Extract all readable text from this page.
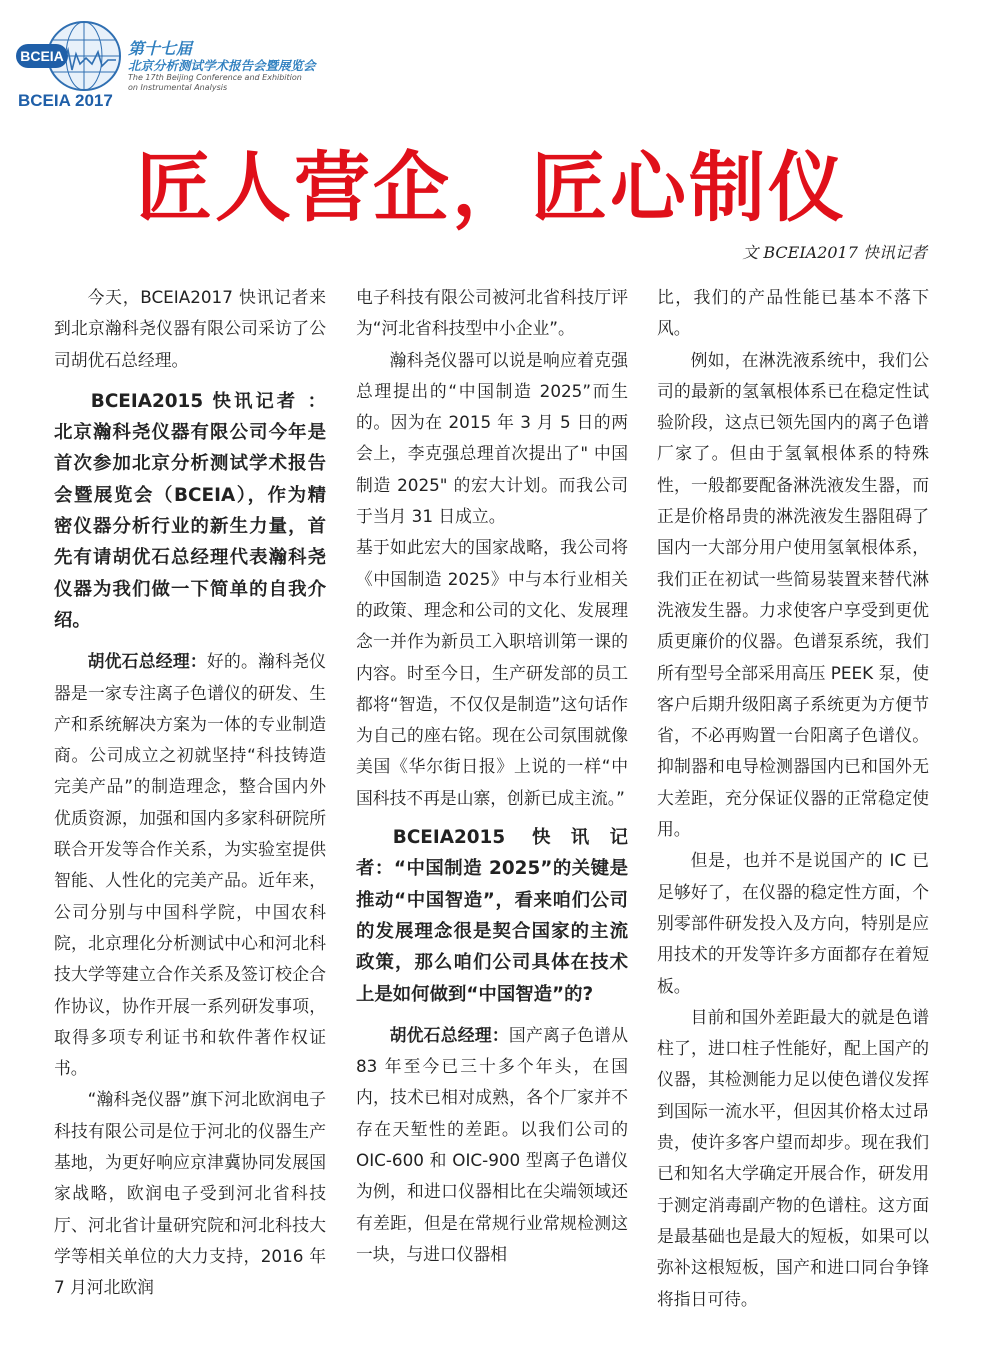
BCEIA
BCEIA 2017
第十七届
北京分析测试学术报告会暨展览会
The 17th Beijing Conference and Exhibition
on Instrumental Analysis
匠人营企，匠心制仪
文 BCEIA2017 快讯记者

今天，BCEIA2017 快讯记者来到北京瀚科尧仪器有限公司采访了公司胡优石总经理。

BCEIA2015 快讯记者 ：北京瀚科尧仪器有限公司今年是首次参加北京分析测试学术报告会暨展览会（BCEIA），作为精密仪器分析行业的新生力量，首先有请胡优石总经理代表瀚科尧仪器为我们做一下简单的自我介绍。

胡优石总经理：好的。瀚科尧仪器是一家专注离子色谱仪的研发、生产和系统解决方案为一体的专业制造商。公司成立之初就坚持“科技铸造完美产品”的制造理念，整合国内外优质资源，加强和国内多家科研院所联合开发等合作关系，为实验室提供智能、人性化的完美产品。近年来，公司分别与中国科学院，中国农科院，北京理化分析测试中心和河北科技大学等建立合作关系及签订校企合作协议，协作开展一系列研发事项，取得多项专利证书和软件著作权证书。

“瀚科尧仪器”旗下河北欧润电子科技有限公司是位于河北的仪器生产基地，为更好响应京津冀协同发展国家战略，欧润电子受到河北省科技厅、河北省计量研究院和河北科技大学等相关单位的大力支持，2016 年 7 月河北欧润

电子科技有限公司被河北省科技厅评为“河北省科技型中小企业”。

瀚科尧仪器可以说是响应着克强总理提出的“中国制造 2025”而生的。因为在 2015 年 3 月 5 日的两会上，李克强总理首次提出了" 中国制造 2025" 的宏大计划。而我公司于当月 31 日成立。

基于如此宏大的国家战略，我公司将《中国制造 2025》中与本行业相关的政策、理念和公司的文化、发展理念一并作为新员工入职培训第一课的内容。时至今日，生产研发部的员工都将“智造，不仅仅是制造”这句话作为自己的座右铭。现在公司氛围就像美国《华尔街日报》上说的一样“中国科技不再是山寨，创新已成主流。”

BCEIA2015 快讯记者：“中国制造 2025”的关键是推动“中国智造”，看来咱们公司的发展理念很是契合国家的主流政策，那么咱们公司具体在技术上是如何做到“中国智造”的?

胡优石总经理：国产离子色谱从 83 年至今已三十多个年头，在国内，技术已相对成熟，各个厂家并不存在天堑性的差距。以我们公司的 OIC-600 和 OIC-900 型离子色谱仪为例，和进口仪器相比在尖端领域还有差距，但是在常规行业常规检测这一块，与进口仪器相

比，我们的产品性能已基本不落下风。

例如，在淋洗液系统中，我们公司的最新的氢氧根体系已在稳定性试验阶段，这点已领先国内的离子色谱厂家了。但由于氢氧根体系的特殊性，一般都要配备淋洗液发生器，而正是价格昂贵的淋洗液发生器阻碍了国内一大部分用户使用氢氧根体系，我们正在初试一些简易装置来替代淋洗液发生器。力求使客户享受到更优质更廉价的仪器。色谱泵系统，我们所有型号全部采用高压 PEEK 泵，使客户后期升级阳离子系统更为方便节省，不必再购置一台阳离子色谱仪。抑制器和电导检测器国内已和国外无大差距，充分保证仪器的正常稳定使用。

但是，也并不是说国产的 IC 已足够好了，在仪器的稳定性方面，个别零部件研发投入及方向，特别是应用技术的开发等许多方面都存在着短板。

目前和国外差距最大的就是色谱柱了，进口柱子性能好，配上国产的仪器，其检测能力足以使色谱仪发挥到国际一流水平，但因其价格太过昂贵，使许多客户望而却步。现在我们已和知名大学确定开展合作，研发用于测定消毒副产物的色谱柱。这方面是最基础也是最大的短板，如果可以弥补这根短板，国产和进口同台争锋将指日可待。
